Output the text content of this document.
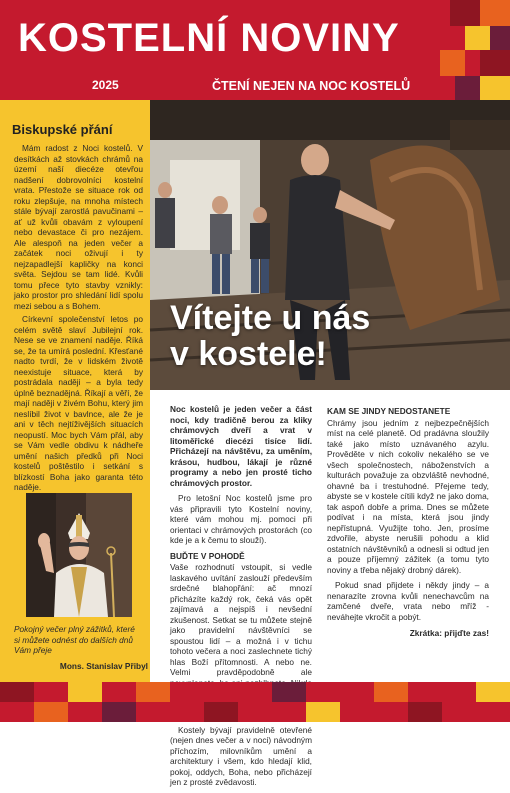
KOSTELNÍ NOVINY
2025	ČTENÍ NEJEN NA NOC KOSTELŮ
Biskupské přání

Mám radost z Noci kostelů. V desítkách až stovkách chrámů na území naší diecéze otevřou nadšení dobrovolníci kostelní vrata. Přestože se situace rok od roku zlepšuje, na mnoha místech stále bývají zarostlá pavučinami – ať už kvůli obavám z vyloupení nebo devastace či pro nezájem. Ale alespoň na jeden večer a začátek noci oživují i ty nejzapadlejší kapličky na konci světa. Sejdou se tam lidé. Kvůli tomu přece tyto stavby vznikly: jako prostor pro shledání lidí spolu mezi sebou a s Bohem.

Církevní společenství letos po celém světě slaví Jubilejní rok. Nese se ve znamení naděje. Říká se, že ta umírá poslední. Křesťané nadto tvrdí, že v lidském životě neexistuje situace, která by postrádala naději – a byla tedy úplně beznadějná. Říkají a věří, že mají naději v živém Bohu, který jim neslíbil život v bavlnce, ale že je ani v těch nejtíživějších situacích neopustí. Moc bych Vám přál, aby se Vám vedle obdivu k nádheře umění našich předků při Noci kostelů poštěstilo i setkání s blízkostí Boha jako garanta této naděje.

Pokojný večer plný zážitků, které si můžete odnést do dalších dnů Vám přeje
Mons. Stanislav Přibyl
Vítejte u nás
v kostele!

Noc kostelů je jeden večer a část noci, kdy tradičně berou za kliky chrámových dveří a vrat v litoměřické diecézi tisíce lidí. Přicházejí na návštěvu, za uměním, krásou, hudbou, lákají je různé programy a nebo jen prosté ticho chrámových prostor.

Pro letošní Noc kostelů jsme pro vás připravili tyto Kostelní noviny, které vám mohou mj. pomoci při orientaci v chrámových prostorách (co kde je a k čemu to slouží).

BUĎTE V POHODĚ

Vaše rozhodnutí vstoupit, si vedle laskavého uvítání zaslouží především srdečné blahopřání: ač mnozí přicházíte každý rok, čeká vás opět zajímavá a nejspíš i nevšední zkušenost. Setkat se tu můžete stejně jako pravidelní návštěvníci se spoustou lidí – a možná i v tichu tohoto večera a noci zaslechnete tichý hlas Boží přítomnosti. A nebo ne. Velmi pravděpodobně ale

Kostely bývají pravidelně otevřené (nejen dnes večer a v noci) návodným příchozím, milovníkům umění a architektury i všem, kdo hledají klid, pokoj, oddych, Boha, nebo přicházejí jen z prosté zvědavosti.

KAM SE JINDY NEDOSTANETE

Chrámy jsou jedním z nejbezpečnějších míst na celé planetě. Od pradávna sloužily také jako místo uznávaného azylu. Prověděte v nich cokoliv nekalého se ve všech společnostech, náboženstvích a kulturách považuje za obzvláště nevhodné, ohavné ba i trestuhodné. Přejeme tedy, abyste se v kostele cítili když ne jako doma, tak aspoň dobře a prima. Dnes se můžete podívat i na místa, která jsou jindy nepřístupná. Využijte toho. Jen, prosíme zdvořile, abyste nerušili pohodu a klid ostatních návštěvníků a odnesli si odtud jen a pouze příjemný zážitek (a tomu tyto noviny a třeba nějaký drobný dárek).

Pokud snad přijdete i někdy jindy – a nenarazíte zrovna kvůli nenechavcům na zamčené dveře, vrata nebo mříž - neváhejte vkročit a pobýt.

Zkrátka: přijďte zas!
